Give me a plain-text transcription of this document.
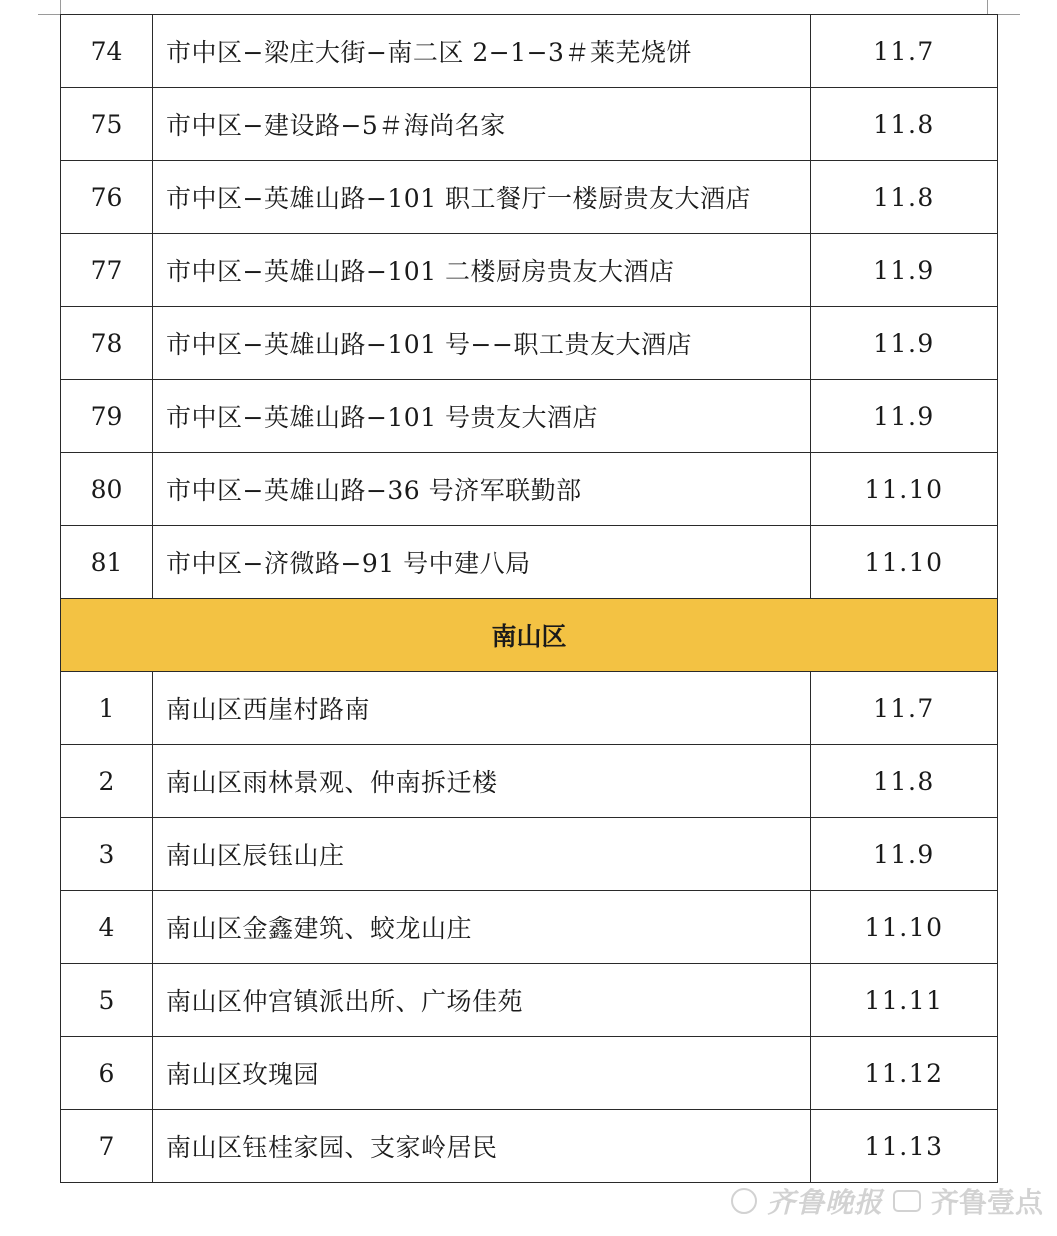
74	市中区−梁庄大街−南二区 2−1−3＃莱芜烧饼	11.7
75	市中区−建设路−5＃海尚名家	11.8
76	市中区−英雄山路−101 职工餐厅一楼厨贵友大酒店	11.8
77	市中区−英雄山路−101 二楼厨房贵友大酒店	11.9
78	市中区−英雄山路−101 号−−职工贵友大酒店	11.9
79	市中区−英雄山路−101 号贵友大酒店	11.9
80	市中区−英雄山路−36 号济军联勤部	11.10
81	市中区−济微路−91 号中建八局	11.10
南山区		
1	南山区西崖村路南	11.7
2	南山区雨林景观、仲南拆迁楼	11.8
3	南山区辰钰山庄	11.9
4	南山区金鑫建筑、蛟龙山庄	11.10
5	南山区仲宫镇派出所、广场佳苑	11.11
6	南山区玫瑰园	11.12
7	南山区钰桂家园、支家岭居民	11.13
齐鲁晚报 齐鲁壹点
